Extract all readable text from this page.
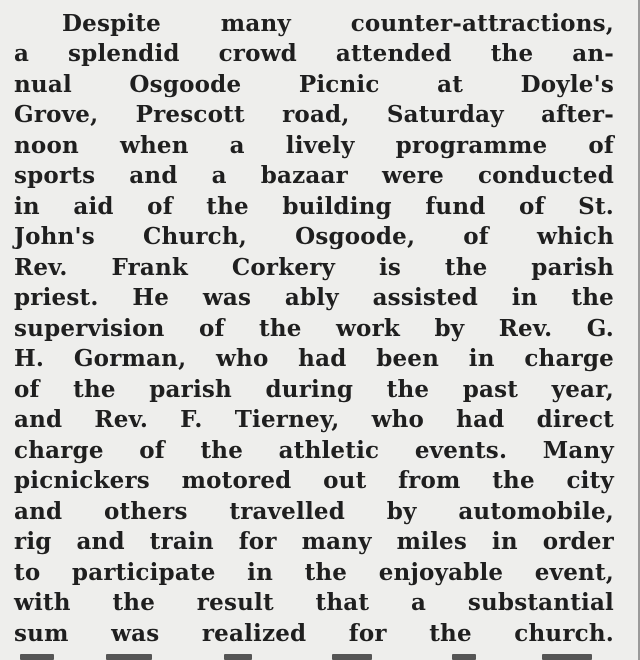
Despite many counter-attractions,

a splendid crowd attended the an-

nual Osgoode Picnic at Doyle's

Grove, Prescott road, Saturday after-

noon when a lively programme of

sports and a bazaar were conducted

in aid of the building fund of St.

John's Church, Osgoode, of which

Rev. Frank Corkery is the parish

priest. He was ably assisted in the

supervision of the work by Rev. G.

H. Gorman, who had been in charge

of the parish during the past year,

and Rev. F. Tierney, who had direct

charge of the athletic events. Many

picnickers motored out from the city

and others travelled by automobile,

rig and train for many miles in order

to participate in the enjoyable event,

with the result that a substantial

sum was realized for the church.
